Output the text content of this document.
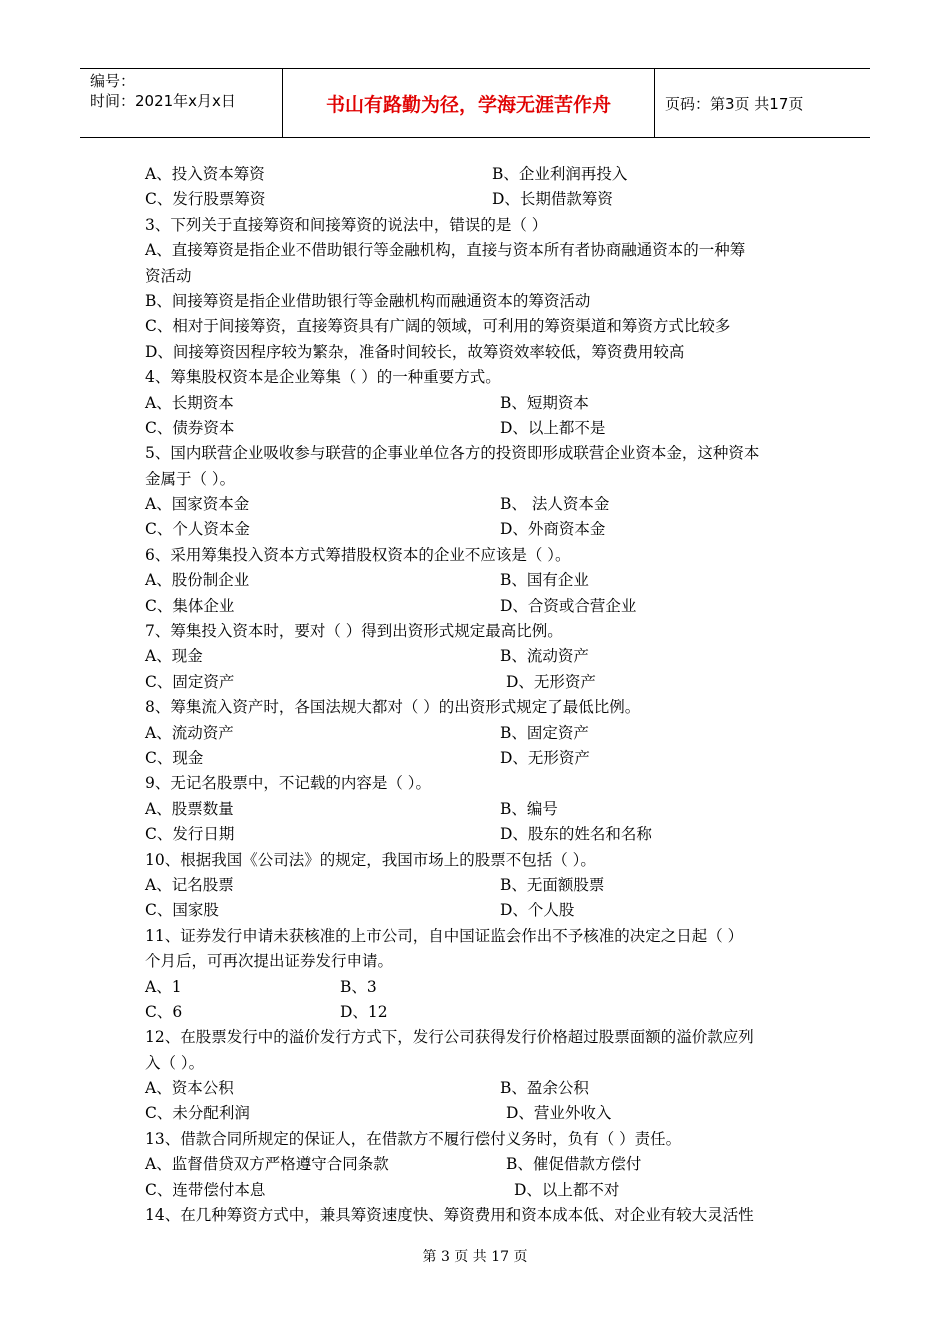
编号：
时间：2021年x月x日	书山有路勤为径，学海无涯苦作舟	页码：第3页 共17页
A、投入资本筹资	B、企业利润再投入
C、发行股票筹资	D、长期借款筹资
3、下列关于直接筹资和间接筹资的说法中，错误的是（ ）
A、直接筹资是指企业不借助银行等金融机构，直接与资本所有者协商融通资本的一种筹
资活动
B、间接筹资是指企业借助银行等金融机构而融通资本的筹资活动
C、相对于间接筹资，直接筹资具有广阔的领域，可利用的筹资渠道和筹资方式比较多
D、间接筹资因程序较为繁杂，准备时间较长，故筹资效率较低，筹资费用较高
4、筹集股权资本是企业筹集（ ）的一种重要方式。
A、长期资本	B、短期资本
C、债券资本	D、以上都不是
5、国内联营企业吸收参与联营的企事业单位各方的投资即形成联营企业资本金，这种资本
金属于（ ）。
A、国家资本金	B、 法人资本金
C、个人资本金	D、外商资本金
6、采用筹集投入资本方式筹措股权资本的企业不应该是（ ）。
A、股份制企业	B、国有企业
C、集体企业	D、合资或合营企业
7、筹集投入资本时，要对（ ）得到出资形式规定最高比例。
A、现金	B、流动资产
C、固定资产	D、无形资产
8、筹集流入资产时，各国法规大都对（ ）的出资形式规定了最低比例。
A、流动资产	B、固定资产
C、现金	D、无形资产
9、无记名股票中，不记载的内容是（ ）。
A、股票数量	B、编号
C、发行日期	D、股东的姓名和名称
10、根据我国《公司法》的规定，我国市场上的股票不包括（ ）。
A、记名股票	B、无面额股票
C、国家股	D、个人股
11、证券发行申请未获核准的上市公司，自中国证监会作出不予核准的决定之日起（ ）
个月后，可再次提出证券发行申请。
A、1	B、3
C、6	D、12
12、在股票发行中的溢价发行方式下，发行公司获得发行价格超过股票面额的溢价款应列
入（ ）。
A、资本公积	B、盈余公积
C、未分配利润	D、营业外收入
13、借款合同所规定的保证人，在借款方不履行偿付义务时，负有（ ）责任。
A、监督借贷双方严格遵守合同条款	B、催促借款方偿付
C、连带偿付本息	D、以上都不对
14、在几种筹资方式中，兼具筹资速度快、筹资费用和资本成本低、对企业有较大灵活性
第 3 页 共 17 页
